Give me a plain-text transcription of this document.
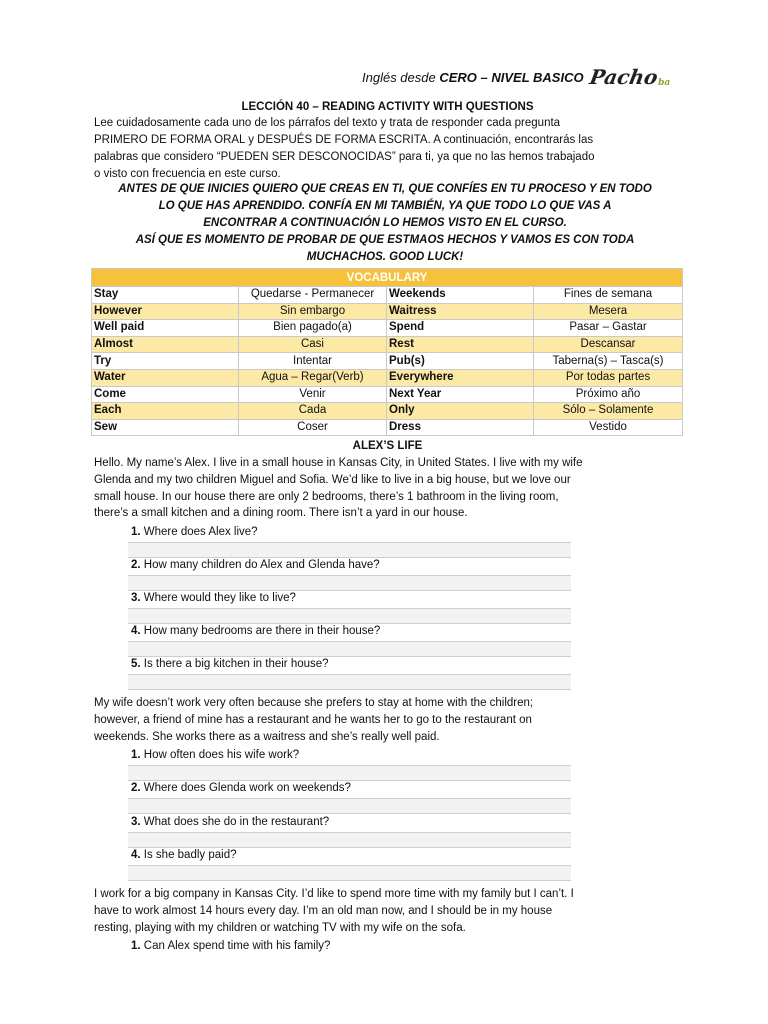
Inglés desde CERO – NIVEL BASICO Pacho
ba
LECCIÓN 40 – READING ACTIVITY WITH QUESTIONS
Lee cuidadosamente cada uno de los párrafos del texto y trata de responder cada pregunta
PRIMERO DE FORMA ORAL y DESPUÉS DE FORMA ESCRITA. A continuación, encontrarás las
palabras que considero “PUEDEN SER DESCONOCIDAS” para ti, ya que no las hemos trabajado
o visto con frecuencia en este curso.
ANTES DE QUE INICIES QUIERO QUE CREAS EN TI, QUE CONFÍES EN TU PROCESO Y EN TODO
LO QUE HAS APRENDIDO. CONFÍA EN MI TAMBIÉN, YA QUE TODO LO QUE VAS A
ENCONTRAR A CONTINUACIÓN LO HEMOS VISTO EN EL CURSO.
ASÍ QUE ES MOMENTO DE PROBAR DE QUE ESTMAOS HECHOS Y VAMOS ES CON TODA
MUCHACHOS. GOOD LUCK!
VOCABULARY			
Stay	Quedarse - Permanecer	Weekends	Fines de semana
However	Sin embargo	Waitress	Mesera
Well paid	Bien pagado(a)	Spend	Pasar – Gastar
Almost	Casi	Rest	Descansar
Try	Intentar	Pub(s)	Taberna(s) – Tasca(s)
Water	Agua – Regar(Verb)	Everywhere	Por todas partes
Come	Venir	Next Year	Próximo año
Each	Cada	Only	Sólo – Solamente
Sew	Coser	Dress	Vestido
ALEX’S LIFE
Hello. My name’s Alex. I live in a small house in Kansas City, in United States. I live with my wife
Glenda and my two children Miguel and Sofia. We’d like to live in a big house, but we love our
small house. In our house there are only 2 bedrooms, there’s 1 bathroom in the living room,
there’s a small kitchen and a dining room. There isn’t a yard in our house.
1. Where does Alex live?
2. How many children do Alex and Glenda have?
3. Where would they like to live?
4. How many bedrooms are there in their house?
5. Is there a big kitchen in their house?
My wife doesn’t work very often because she prefers to stay at home with the children;
however, a friend of mine has a restaurant and he wants her to go to the restaurant on
weekends. She works there as a waitress and she’s really well paid.
1. How often does his wife work?
2. Where does Glenda work on weekends?
3. What does she do in the restaurant?
4. Is she badly paid?
I work for a big company in Kansas City. I’d like to spend more time with my family but I can’t. I
have to work almost 14 hours every day. I’m an old man now, and I should be in my house
resting, playing with my children or watching TV with my wife on the sofa.
1. Can Alex spend time with his family?
